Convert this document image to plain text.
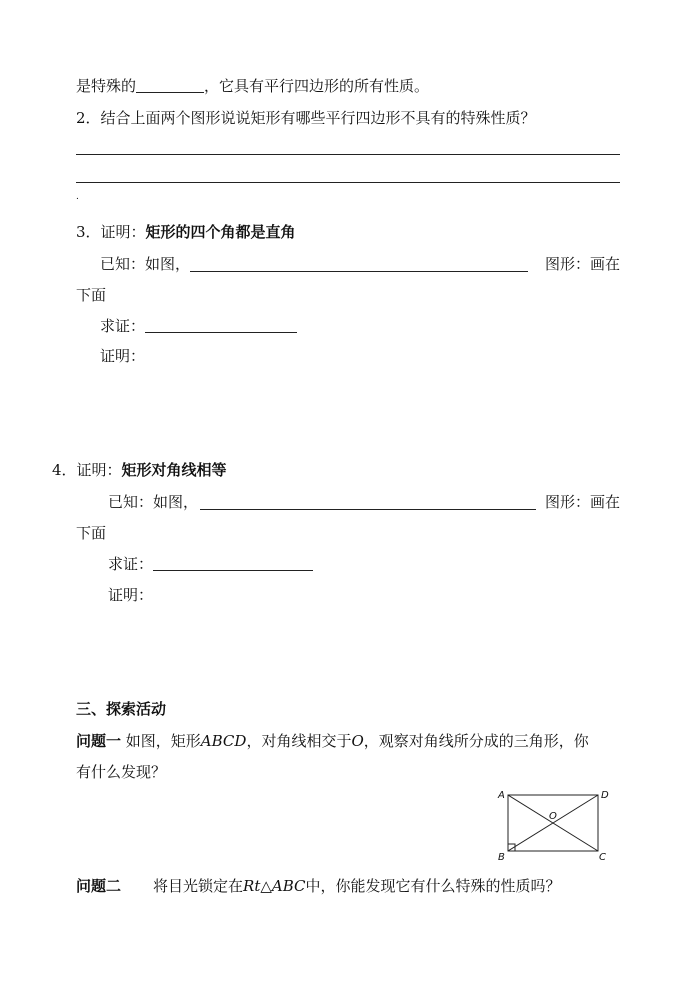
是特殊的	，它具有平行四边形的所有性质。
2．结合上面两个图形说说矩形有哪些平行四边形不具有的特殊性质？
.
3．证明：矩形的四个角都是直角
已知：如图，	图形：画在
下面
求证：
证明：
4．证明：矩形对角线相等
已知：如图，	图形：画在
下面
求证：
证明：
三、探索活动
问题一 如图，矩形ABCD，对角线相交于O，观察对角线所分成的三角形，你
有什么发现？
A	D
B	C
O
问题二 将目光锁定在Rt△ABC中，你能发现它有什么特殊的性质吗？
